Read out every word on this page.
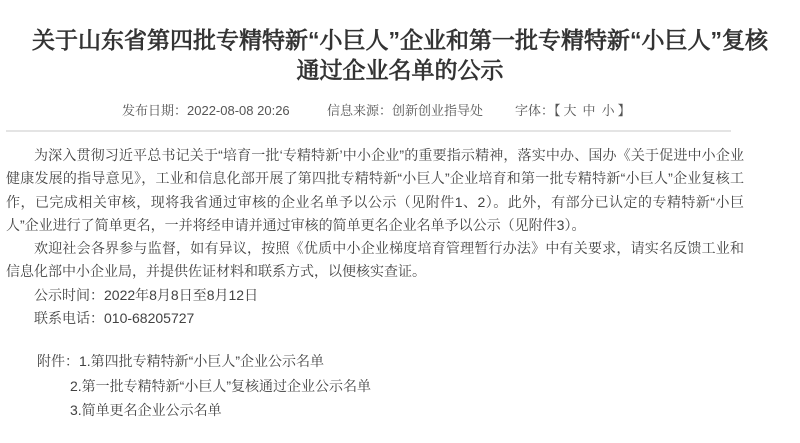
关于山东省第四批专精特新“小巨人”企业和第一批专精特新“小巨人”复核通过企业名单的公示
发布日期：2022-08-08 20:26	信息来源：创新创业指导处 字体：【 大 中 小 】

为深入贯彻习近平总书记关于“培育一批‘专精特新’中小企业”的重要指示精神，落实中办、国办《关于促进中小企业健康发展的指导意见》，工业和信息化部开展了第四批专精特新“小巨人”企业培育和第一批专精特新“小巨人”企业复核工作，已完成相关审核，现将我省通过审核的企业名单予以公示（见附件1、2）。此外，有部分已认定的专精特新“小巨人”企业进行了简单更名，一并将经申请并通过审核的简单更名企业名单予以公示（见附件3）。

欢迎社会各界参与监督，如有异议，按照《优质中小企业梯度培育管理暂行办法》中有关要求，请实名反馈工业和信息化部中小企业局，并提供佐证材料和联系方式，以便核实查证。

公示时间：2022年8月8日至8月12日

联系电话：010-68205727

附件：1.第四批专精特新“小巨人”企业公示名单
2.第一批专精特新“小巨人”复核通过企业公示名单
3.简单更名企业公示名单
